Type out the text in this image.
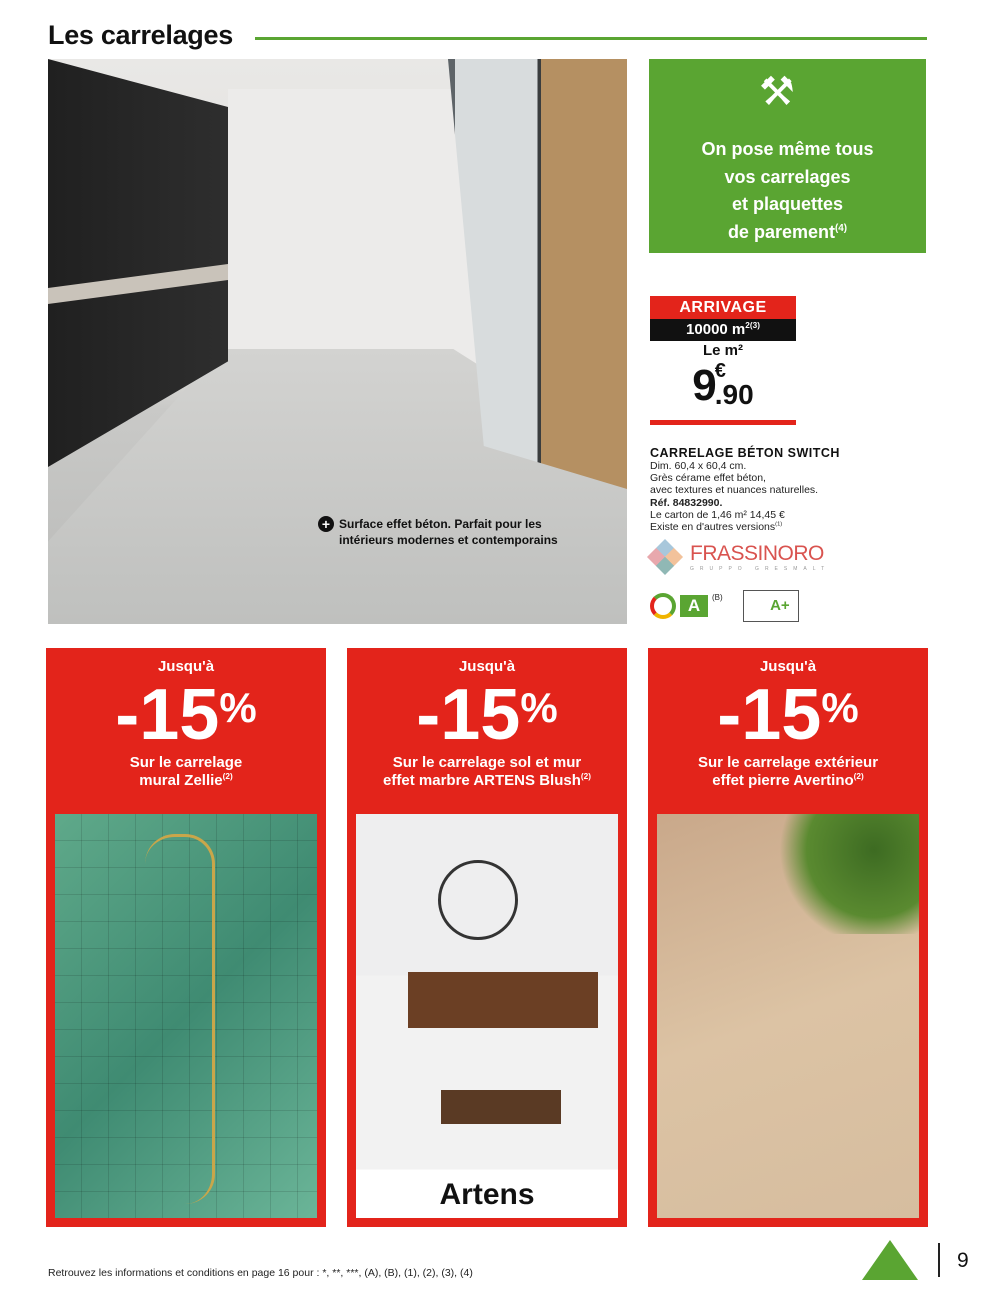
Les carrelages
+ Surface effet béton. Parfait pour les
intérieurs modernes et contemporains
⚒
On pose même tous
vos carrelages
et plaquettes
de parement$^{(4)}$
ARRIVAGE
10000 $m^{2(3)}$
Le m²
9 €
.90
CARRELAGE BÉTON SWITCH
Dim. 60,4 x 60,4 cm.
Grès cérame effet béton,
avec textures et nuances naturelles.
Réf. 84832990.
Le carton de 1,46 m² 14,45 €
Existe en d'autres versions$^{(1)}$
FRASSINORO
GRUPPO GRESMALT
A	(B)	A+
Jusqu'à
-15%
Sur le carrelage
mural Zellie$^{(2)}$
Jusqu'à
-15%
Sur le carrelage sol et mur
effet marbre ARTENS Blush$^{(2)}$
Artens
Jusqu'à
-15%
Sur le carrelage extérieur
effet pierre Avertino$^{(2)}$
Retrouvez les informations et conditions en page 16 pour : *, **, ***, (A), (B), (1), (2), (3), (4)
9
